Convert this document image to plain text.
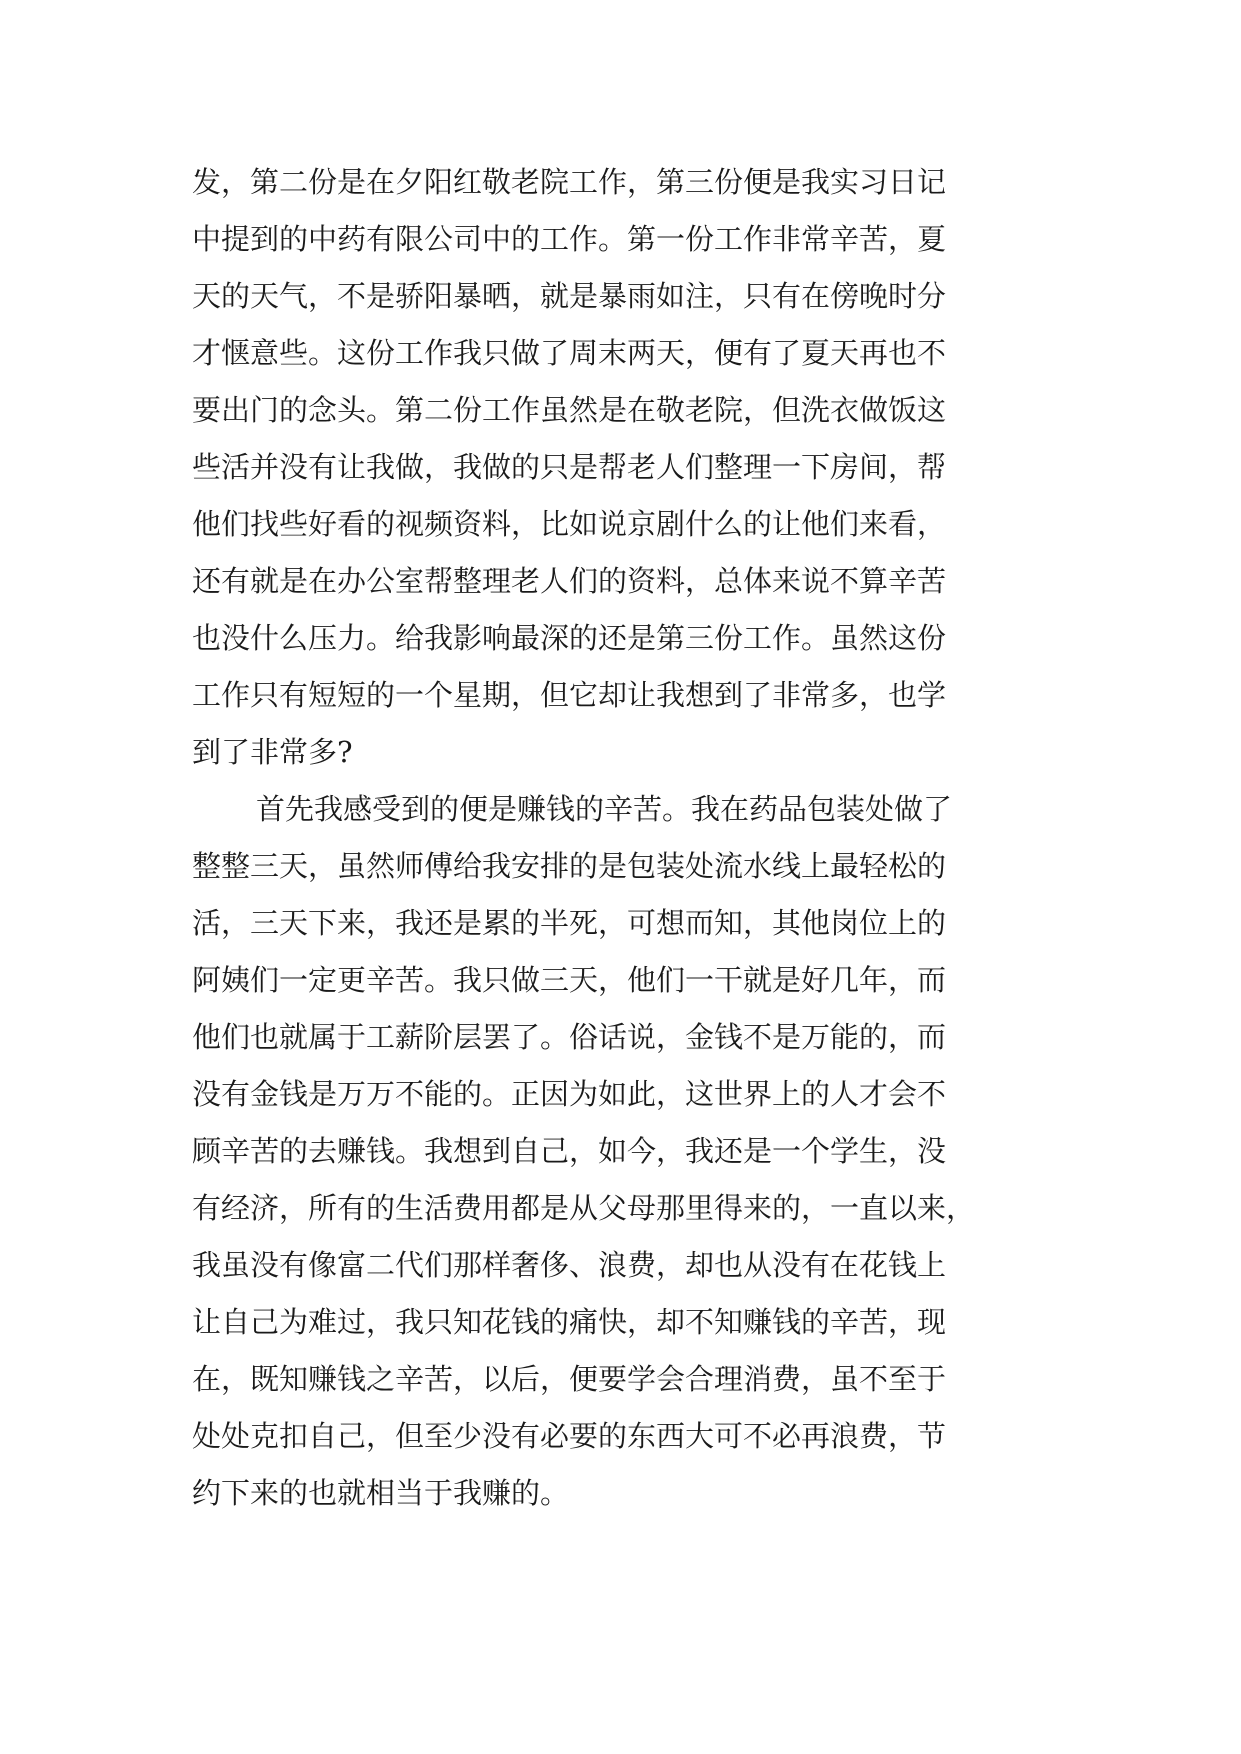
发，第二份是在夕阳红敬老院工作，第三份便是我实习日记
中提到的中药有限公司中的工作。第一份工作非常辛苦，夏
天的天气，不是骄阳暴晒，就是暴雨如注，只有在傍晚时分
才惬意些。这份工作我只做了周末两天，便有了夏天再也不
要出门的念头。第二份工作虽然是在敬老院，但洗衣做饭这
些活并没有让我做，我做的只是帮老人们整理一下房间，帮
他们找些好看的视频资料，比如说京剧什么的让他们来看，
还有就是在办公室帮整理老人们的资料，总体来说不算辛苦
也没什么压力。给我影响最深的还是第三份工作。虽然这份
工作只有短短的一个星期，但它却让我想到了非常多，也学
到了非常多?
首先我感受到的便是赚钱的辛苦。我在药品包装处做了
整整三天，虽然师傅给我安排的是包装处流水线上最轻松的
活，三天下来，我还是累的半死，可想而知，其他岗位上的
阿姨们一定更辛苦。我只做三天，他们一干就是好几年，而
他们也就属于工薪阶层罢了。俗话说，金钱不是万能的，而
没有金钱是万万不能的。正因为如此，这世界上的人才会不
顾辛苦的去赚钱。我想到自己，如今，我还是一个学生，没
有经济，所有的生活费用都是从父母那里得来的，一直以来，
我虽没有像富二代们那样奢侈、浪费，却也从没有在花钱上
让自己为难过，我只知花钱的痛快，却不知赚钱的辛苦，现
在，既知赚钱之辛苦，以后，便要学会合理消费，虽不至于
处处克扣自己，但至少没有必要的东西大可不必再浪费，节
约下来的也就相当于我赚的。
